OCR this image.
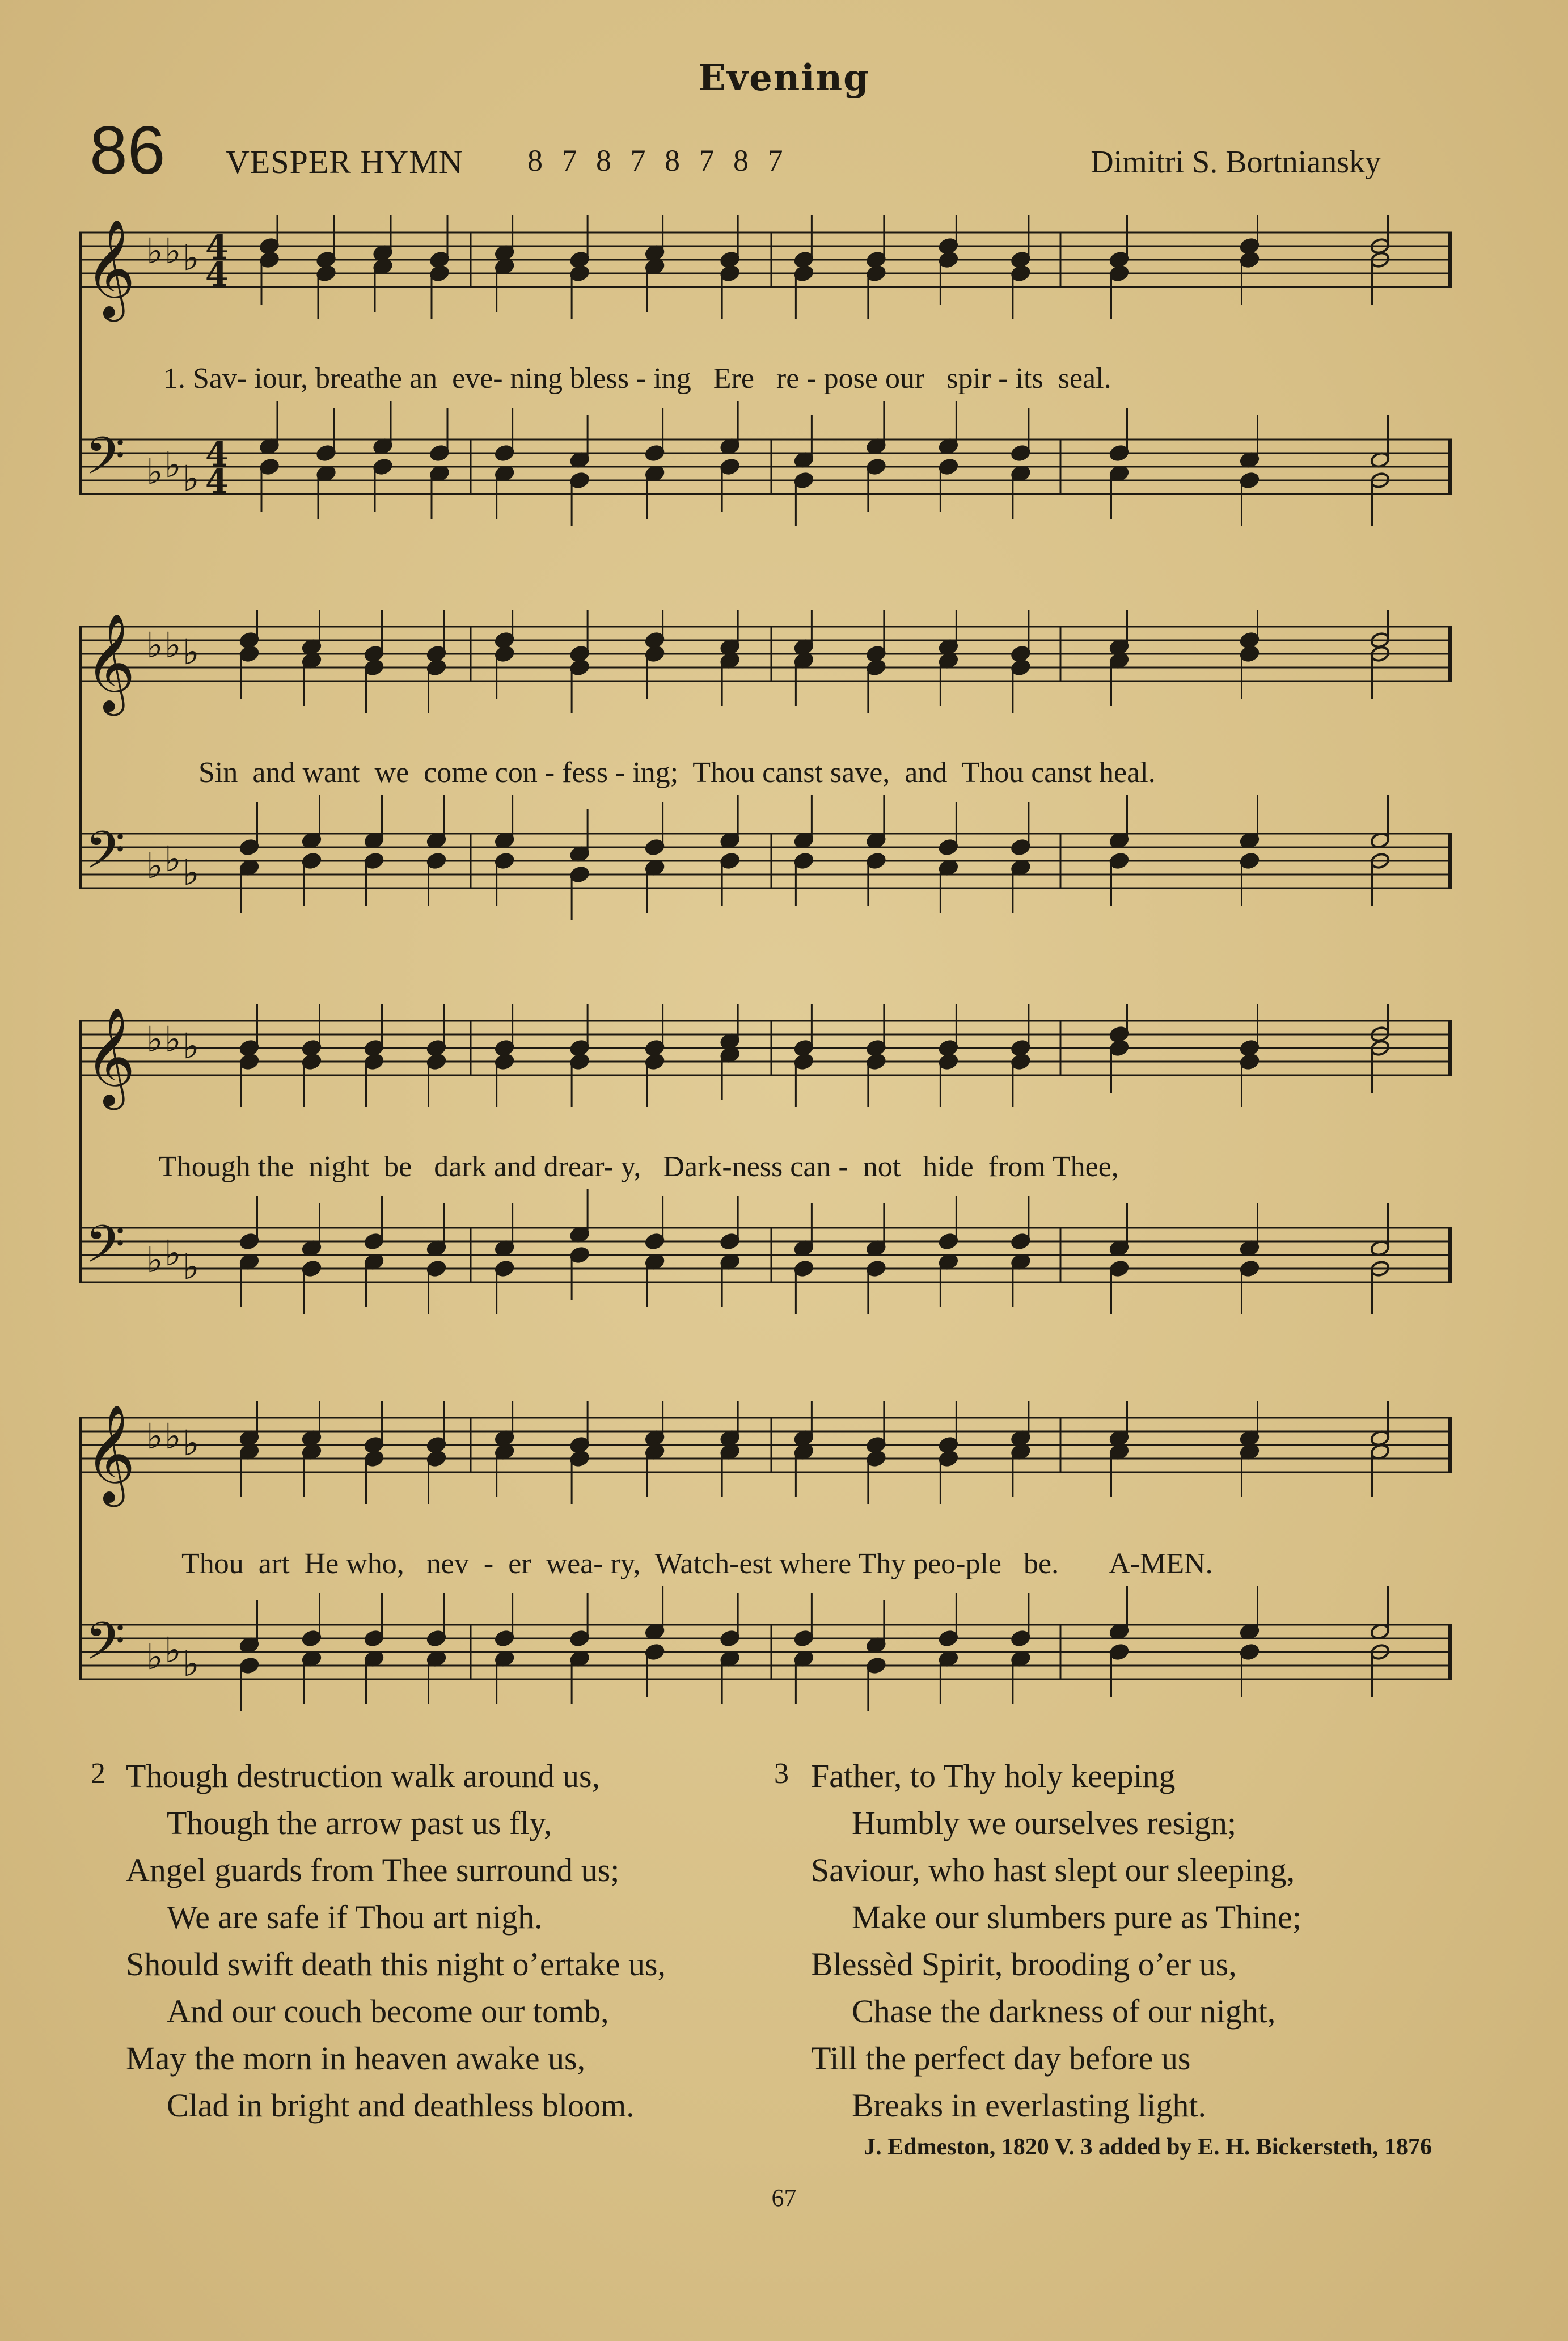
Evening
86 VESPER HYMN 8 7 8 7 8 7 8 7	Dimitri S. Bortniansky
𝄞
𝄢
♭ ♭ ♭
♭ ♭ ♭
4
4
4
4
1. Sav- iour, breathe an  eve- ning bless - ing   Ere   re - pose our   spir - its  seal.
𝄞
𝄢
♭ ♭ ♭
♭ ♭ ♭
Sin  and want  we  come con - fess - ing;  Thou canst save,  and  Thou canst heal.
𝄞
𝄢
♭ ♭ ♭
♭ ♭ ♭
Though the  night  be   dark and drear- y,   Dark-ness can -  not   hide  from Thee,
𝄞
𝄢
♭ ♭ ♭
♭ ♭ ♭
Thou  art  He who,   nev  -  er  wea- ry,  Watch-est where Thy peo-ple   be.       A-MEN.
2 Though destruction walk around us,
Though the arrow past us fly,
Angel guards from Thee surround us;
We are safe if Thou art nigh.
Should swift death this night o’ertake us,
And our couch become our tomb,
May the morn in heaven awake us,
Clad in bright and deathless bloom.
3 Father, to Thy holy keeping
Humbly we ourselves resign;
Saviour, who hast slept our sleeping,
Make our slumbers pure as Thine;
Blessèd Spirit, brooding o’er us,
Chase the darkness of our night,
Till the perfect day before us
Breaks in everlasting light.
J. Edmeston, 1820 V. 3 added by E. H. Bickersteth, 1876
67
